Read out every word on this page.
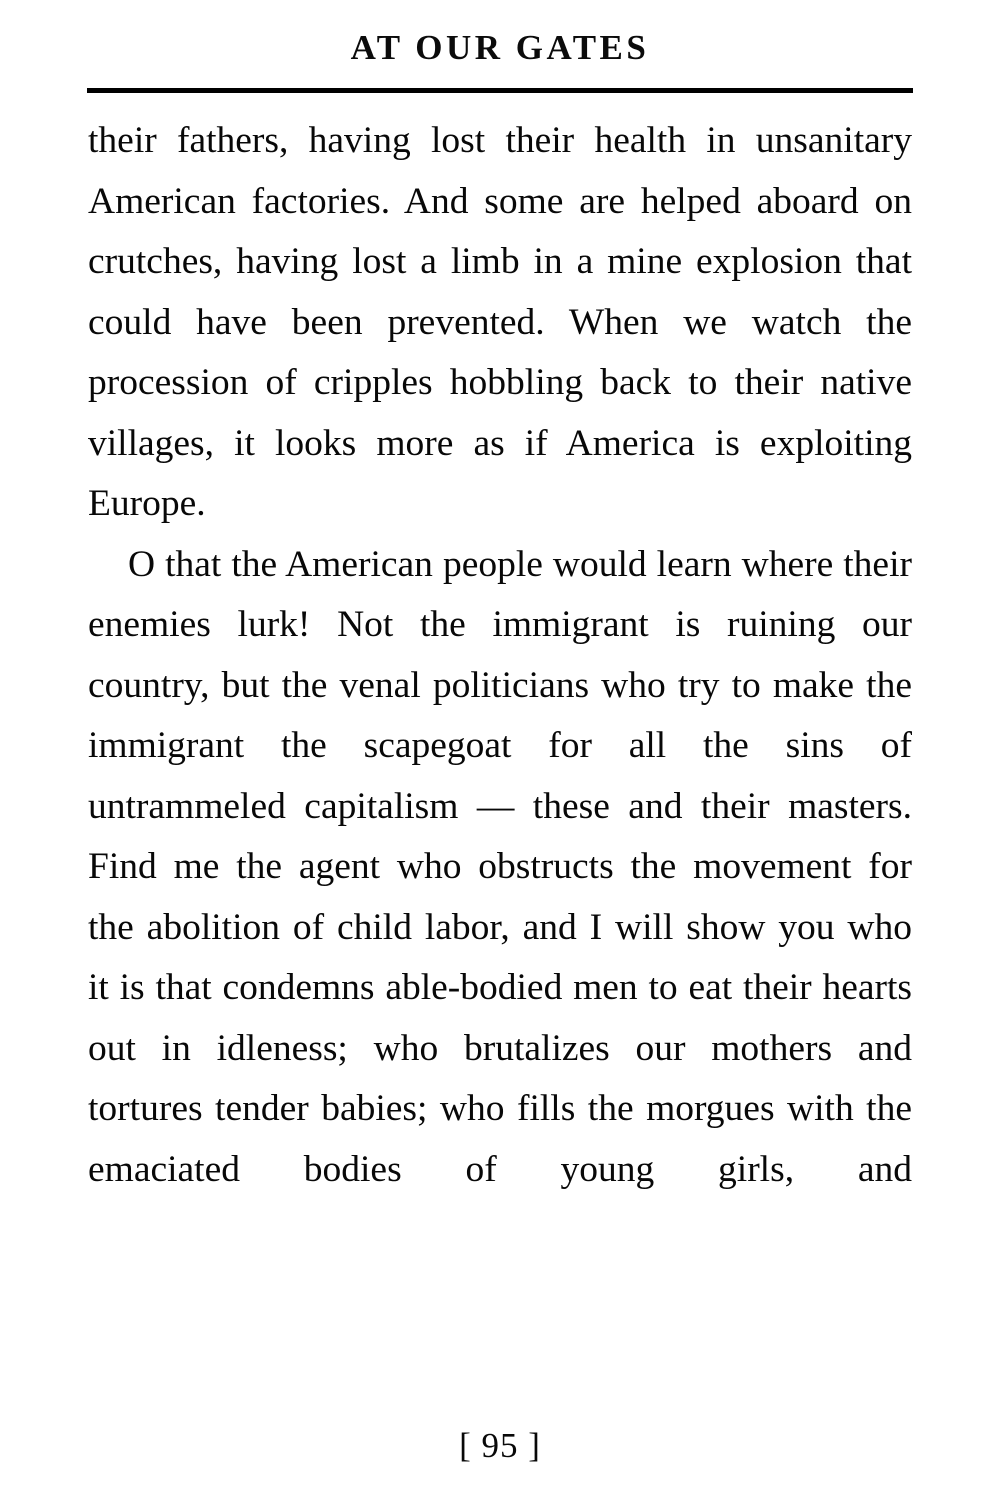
AT OUR GATES

their fathers, having lost their health in unsanitary American factories. And some are helped aboard on crutches, having lost a limb in a mine explosion that could have been prevented. When we watch the procession of cripples hobbling back to their native villages, it looks more as if America is exploiting Europe.

O that the American people would learn where their enemies lurk! Not the immigrant is ruining our country, but the venal politicians who try to make the immigrant the scapegoat for all the sins of untrammeled capitalism — these and their masters. Find me the agent who obstructs the movement for the abolition of child labor, and I will show you who it is that condemns able-bodied men to eat their hearts out in idleness; who brutalizes our mothers and tortures tender babies; who fills the morgues with the emaciated bodies of young girls, and

[ 95 ]
